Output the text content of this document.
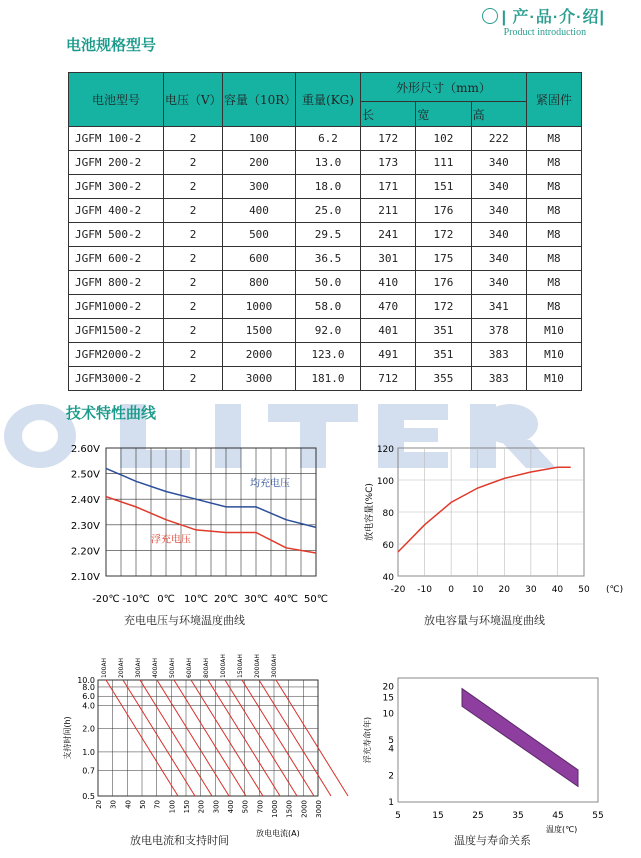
| 产·品·介·绍|
Product introduction
电池规格型号
电池型号	电压（V）	容量（10R）	重量(KG)	外形尺寸（mm）			紧固件
				长	宽	高	
JGFM 100-2	2	100	6.2	172	102	222	M8
JGFM 200-2	2	200	13.0	173	111	340	M8
JGFM 300-2	2	300	18.0	171	151	340	M8
JGFM 400-2	2	400	25.0	211	176	340	M8
JGFM 500-2	2	500	29.5	241	172	340	M8
JGFM 600-2	2	600	36.5	301	175	340	M8
JGFM 800-2	2	800	50.0	410	176	340	M8
JGFM1000-2	2	1000	58.0	470	172	341	M8
JGFM1500-2	2	1500	92.0	401	351	378	M10
JGFM2000-2	2	2000	123.0	491	351	383	M10
JGFM3000-2	2	3000	181.0	712	355	383	M10
技术特性曲线
2.60V
2.50V
2.40V
2.30V
2.20V
2.10V
-20℃ -10℃ 0℃ 10℃ 20℃ 30℃ 40℃ 50℃
均充电压
浮充电压
充电电压与环境温度曲线
40
60
80
100
120
-20 -10 0 10 20 30 40 50 (℃)
放电容量(%C)
放电容量与环境温度曲线
20 30 40 50 70 100 150 200 300 400 500 700 1000 1500 2000 3000
10.0
8.0
6.0
4.0
2.0
1.0
0.7
0.5
支持时间(h)
放电电流(A)
100AH 200AH 300AH 400AH 500AH 600AH 800AH 1000AH 1500AH 2000AH 3000AH
放电电流和支持时间
5	15	25	35	45	55
20
15
10
5
4
2
1
浮充寿命(年)
温度(℃)
温度与寿命关系
